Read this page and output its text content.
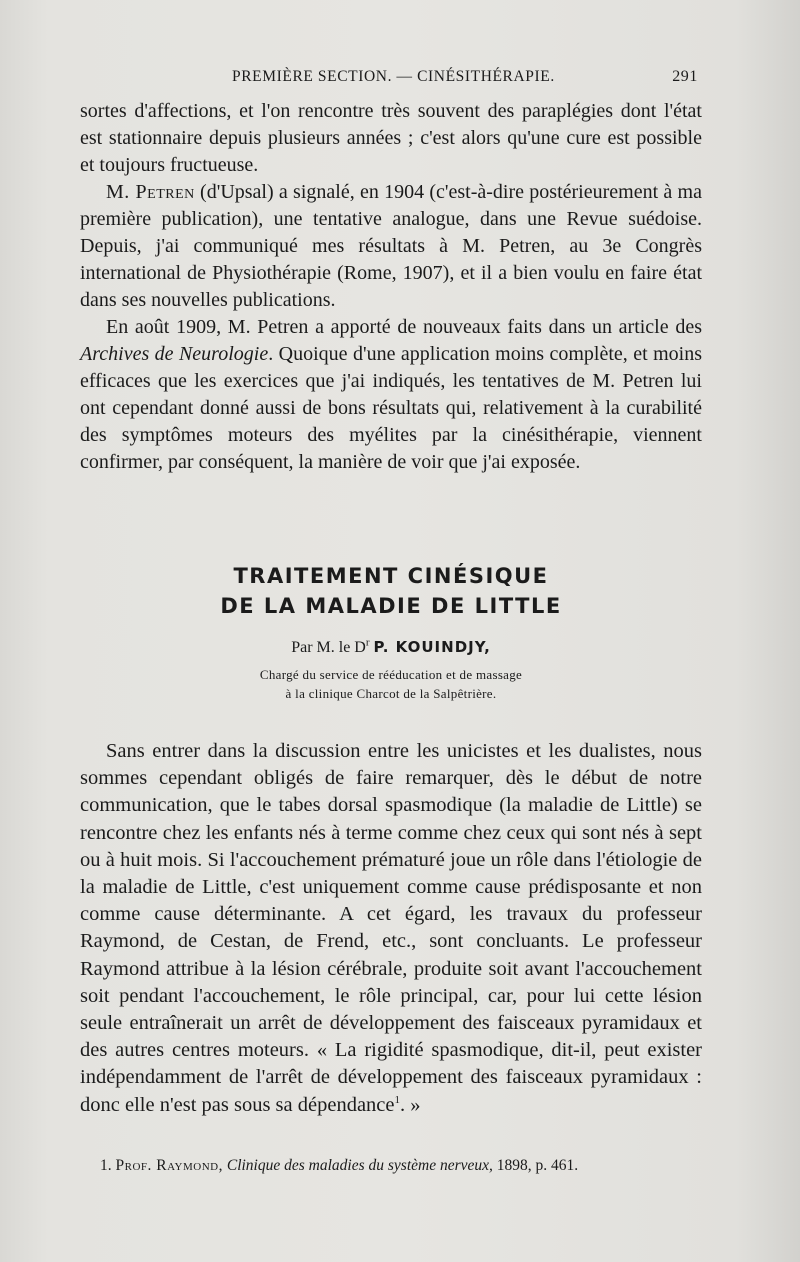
PREMIÈRE SECTION. — CINÉSITHÉRAPIE.	291

sortes d'affections, et l'on rencontre très souvent des paraplégies dont l'état est stationnaire depuis plusieurs années ; c'est alors qu'une cure est possible et toujours fructueuse.

M. Petren (d'Upsal) a signalé, en 1904 (c'est-à-dire postérieurement à ma première publication), une tentative analogue, dans une Revue suédoise. Depuis, j'ai communiqué mes résultats à M. Petren, au 3e Congrès international de Physiothérapie (Rome, 1907), et il a bien voulu en faire état dans ses nouvelles publications.

En août 1909, M. Petren a apporté de nouveaux faits dans un article des Archives de Neurologie. Quoique d'une application moins complète, et moins efficaces que les exercices que j'ai indiqués, les tentatives de M. Petren lui ont cependant donné aussi de bons résultats qui, relativement à la curabilité des symptômes moteurs des myélites par la cinésithérapie, viennent confirmer, par conséquent, la manière de voir que j'ai exposée.

TRAITEMENT CINÉSIQUE
DE LA MALADIE DE LITTLE
Par M. le $D^r$ P. KOUINDJY,
Chargé du service de rééducation et de massage
à la clinique Charcot de la Salpêtrière.

Sans entrer dans la discussion entre les unicistes et les dualistes, nous sommes cependant obligés de faire remarquer, dès le début de notre communication, que le tabes dorsal spasmodique (la maladie de Little) se rencontre chez les enfants nés à terme comme chez ceux qui sont nés à sept ou à huit mois. Si l'accouchement prématuré joue un rôle dans l'étiologie de la maladie de Little, c'est uniquement comme cause prédisposante et non comme cause déterminante. A cet égard, les travaux du professeur Raymond, de Cestan, de Frend, etc., sont concluants. Le professeur Raymond attribue à la lésion cérébrale, produite soit avant l'accouchement soit pendant l'accouchement, le rôle principal, car, pour lui cette lésion seule entraînerait un arrêt de développement des faisceaux pyramidaux et des autres centres moteurs. « La rigidité spasmodique, dit-il, peut exister indépendamment de l'arrêt de développement des faisceaux pyramidaux : donc elle n'est pas sous sa dépendance$^1$. »

1. Prof. Raymond, Clinique des maladies du système nerveux, 1898, p. 461.
